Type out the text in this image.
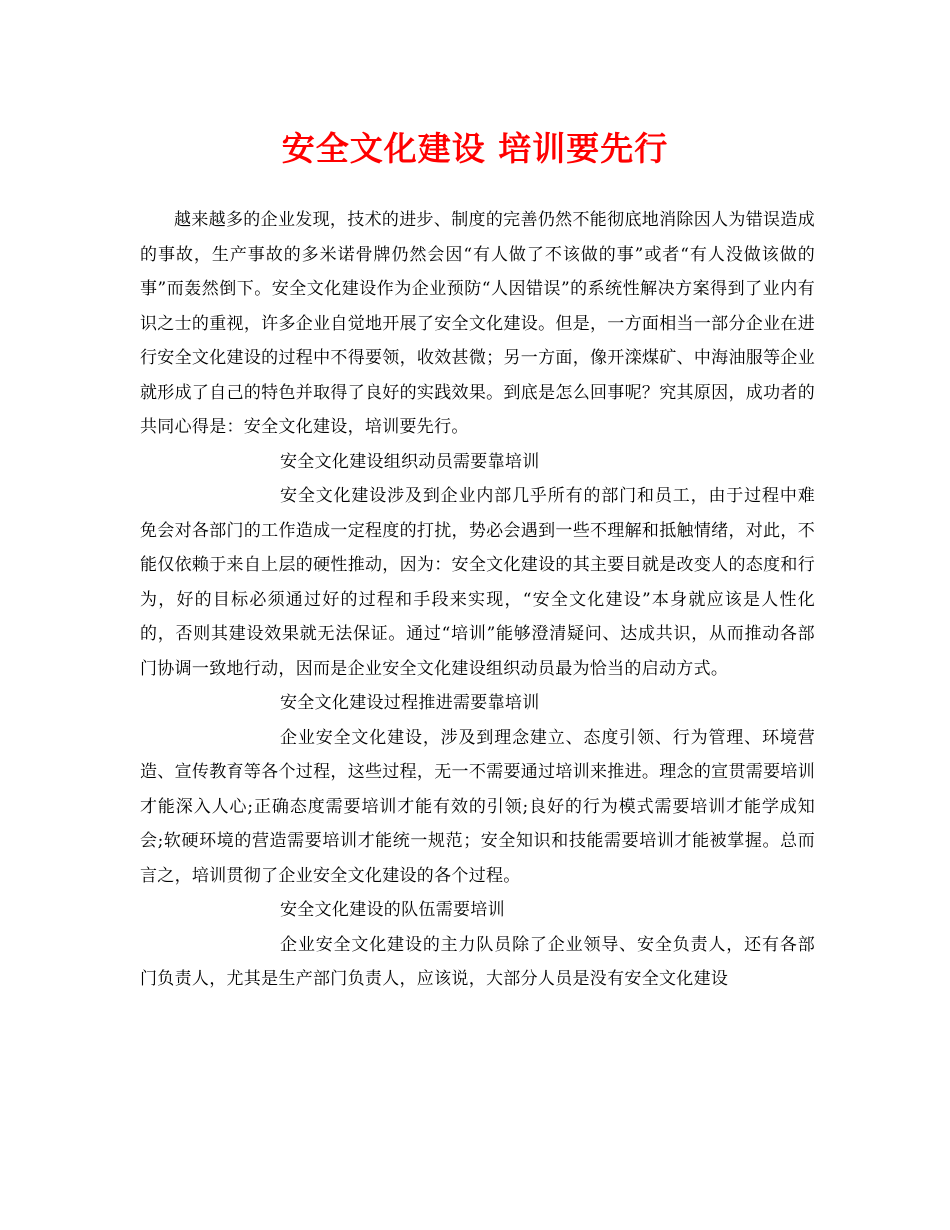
安全文化建设 培训要先行

越来越多的企业发现，技术的进步、制度的完善仍然不能彻底地消除因人为错误造成的事故，生产事故的多米诺骨牌仍然会因“有人做了不该做的事”或者“有人没做该做的事”而轰然倒下。安全文化建设作为企业预防“人因错误”的系统性解决方案得到了业内有识之士的重视，许多企业自觉地开展了安全文化建设。但是，一方面相当一部分企业在进行安全文化建设的过程中不得要领，收效甚微；另一方面，像开滦煤矿、中海油服等企业就形成了自己的特色并取得了良好的实践效果。到底是怎么回事呢？究其原因，成功者的共同心得是：安全文化建设，培训要先行。

安全文化建设组织动员需要靠培训

安全文化建设涉及到企业内部几乎所有的部门和员工，由于过程中难免会对各部门的工作造成一定程度的打扰，势必会遇到一些不理解和抵触情绪，对此，不能仅依赖于来自上层的硬性推动，因为：安全文化建设的其主要目就是改变人的态度和行为，好的目标必须通过好的过程和手段来实现，“安全文化建设”本身就应该是人性化的，否则其建设效果就无法保证。通过“培训”能够澄清疑问、达成共识，从而推动各部门协调一致地行动，因而是企业安全文化建设组织动员最为恰当的启动方式。

安全文化建设过程推进需要靠培训

企业安全文化建设，涉及到理念建立、态度引领、行为管理、环境营造、宣传教育等各个过程，这些过程，无一不需要通过培训来推进。理念的宣贯需要培训才能深入人心;正确态度需要培训才能有效的引领;良好的行为模式需要培训才能学成知会;软硬环境的营造需要培训才能统一规范；安全知识和技能需要培训才能被掌握。总而言之，培训贯彻了企业安全文化建设的各个过程。

安全文化建设的队伍需要培训

企业安全文化建设的主力队员除了企业领导、安全负责人，还有各部门负责人，尤其是生产部门负责人，应该说，大部分人员是没有安全文化建设
